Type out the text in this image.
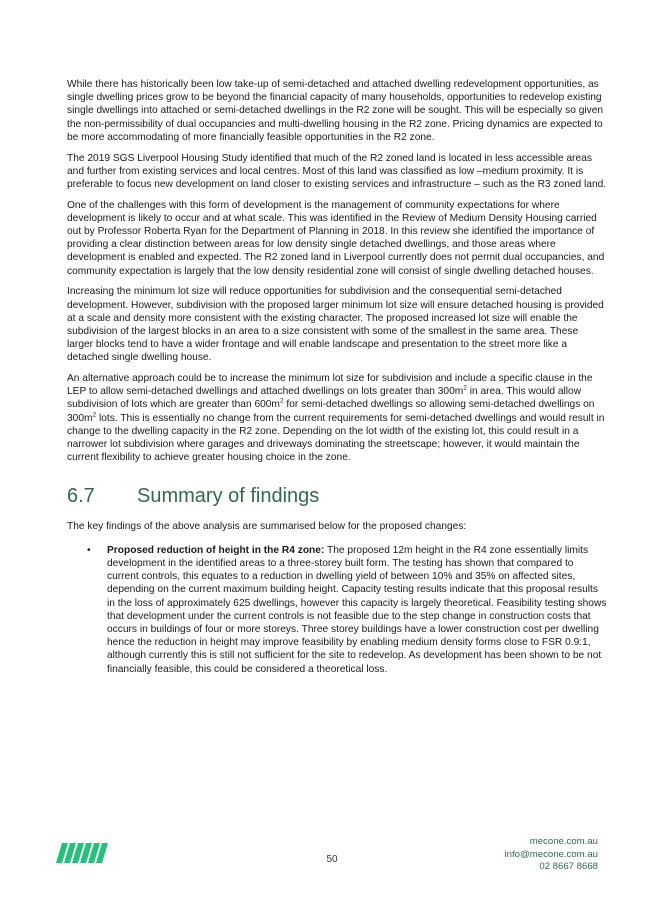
While there has historically been low take-up of semi-detached and attached dwelling redevelopment opportunities, as single dwelling prices grow to be beyond the financial capacity of many households, opportunities to redevelop existing single dwellings into attached or semi-detached dwellings in the R2 zone will be sought. This will be especially so given the non-permissibility of dual occupancies and multi-dwelling housing in the R2 zone. Pricing dynamics are expected to be more accommodating of more financially feasible opportunities in the R2 zone.

The 2019 SGS Liverpool Housing Study identified that much of the R2 zoned land is located in less accessible areas and further from existing services and local centres. Most of this land was classified as low –medium proximity. It is preferable to focus new development on land closer to existing services and infrastructure – such as the R3 zoned land.

One of the challenges with this form of development is the management of community expectations for where development is likely to occur and at what scale. This was identified in the Review of Medium Density Housing carried out by Professor Roberta Ryan for the Department of Planning in 2018. In this review she identified the importance of providing a clear distinction between areas for low density single detached dwellings, and those areas where development is enabled and expected. The R2 zoned land in Liverpool currently does not permit dual occupancies, and community expectation is largely that the low density residential zone will consist of single dwelling detached houses.

Increasing the minimum lot size will reduce opportunities for subdivision and the consequential semi-detached development. However, subdivision with the proposed larger minimum lot size will ensure detached housing is provided at a scale and density more consistent with the existing character. The proposed increased lot size will enable the subdivision of the largest blocks in an area to a size consistent with some of the smallest in the same area. These larger blocks tend to have a wider frontage and will enable landscape and presentation to the street more like a detached single dwelling house.

An alternative approach could be to increase the minimum lot size for subdivision and include a specific clause in the LEP to allow semi-detached dwellings and attached dwellings on lots greater than $300m^2$ in area. This would allow subdivision of lots which are greater than $600m^2$ for semi-detached dwellings so allowing semi-detached dwellings on $300m^2$ lots. This is essentially no change from the current requirements for semi-detached dwellings and would result in change to the dwelling capacity in the R2 zone. Depending on the lot width of the existing lot, this could result in a narrower lot subdivision where garages and driveways dominating the streetscape; however, it would maintain the current flexibility to achieve greater housing choice in the zone.

6.7	Summary of findings

The key findings of the above analysis are summarised below for the proposed changes:

• Proposed reduction of height in the R4 zone: The proposed 12m height in the R4 zone essentially limits development in the identified areas to a three-storey built form. The testing has shown that compared to current controls, this equates to a reduction in dwelling yield of between 10% and 35% on affected sites, depending on the current maximum building height. Capacity testing results indicate that this proposal results in the loss of approximately 625 dwellings, however this capacity is largely theoretical. Feasibility testing shows that development under the current controls is not feasible due to the step change in construction costs that occurs in buildings of four or more storeys. Three storey buildings have a lower construction cost per dwelling hence the reduction in height may improve feasibility by enabling medium density forms close to FSR 0.9:1, although currently this is still not sufficient for the site to redevelop. As development has been shown to be not financially feasible, this could be considered a theoretical loss.
50
mecone.com.au
info@mecone.com.au
02 8667 8668
